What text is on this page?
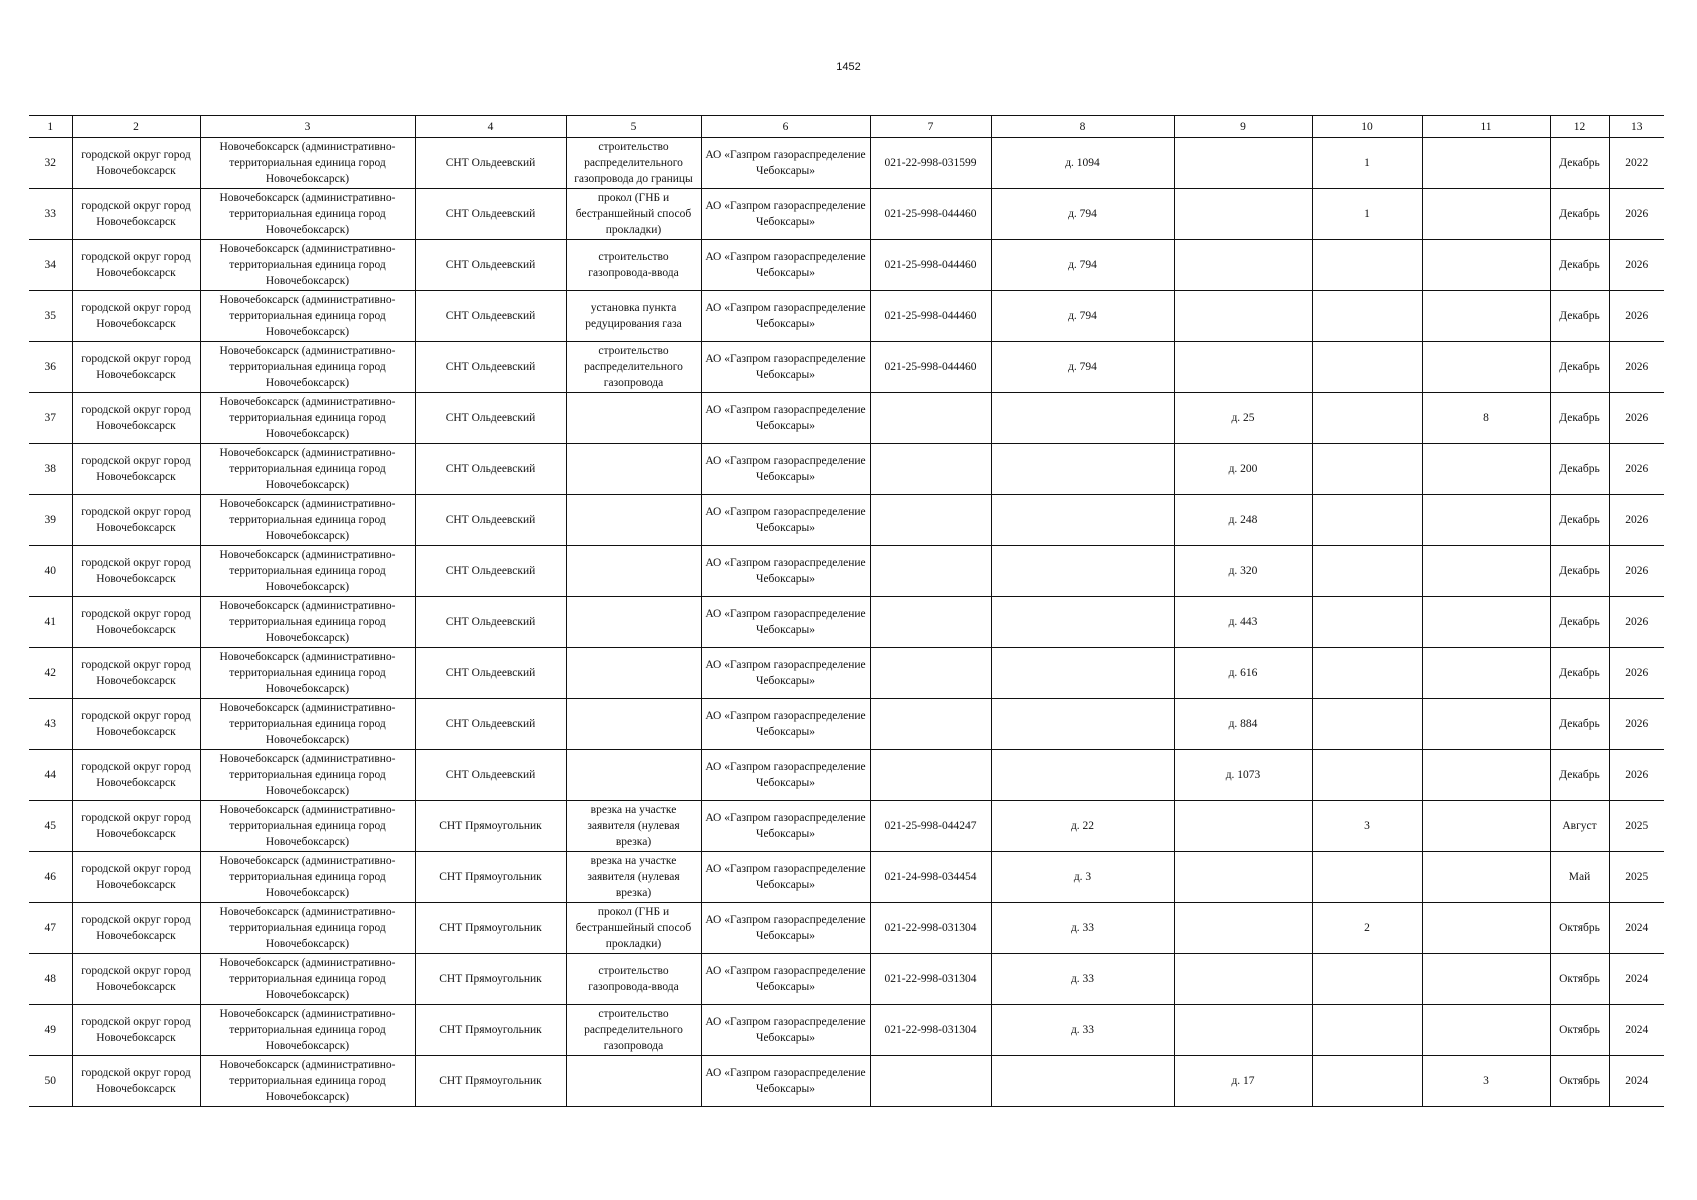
1452
1	2	3	4	5	6	7	8	9	10	11	12	13
32	городской округ город Новочебоксарск	Новочебоксарск (административно-территориальная единица город Новочебоксарск)	СНТ Ольдеевский	строительство распределительного газопровода до границы	АО «Газпром газораспределение Чебоксары»	021-22-998-031599	д. 1094		1		Декабрь	2022
33	городской округ город Новочебоксарск	Новочебоксарск (административно-территориальная единица город Новочебоксарск)	СНТ Ольдеевский	прокол (ГНБ и бестраншейный способ прокладки)	АО «Газпром газораспределение Чебоксары»	021-25-998-044460	д. 794		1		Декабрь	2026
34	городской округ город Новочебоксарск	Новочебоксарск (административно-территориальная единица город Новочебоксарск)	СНТ Ольдеевский	строительство газопровода-ввода	АО «Газпром газораспределение Чебоксары»	021-25-998-044460	д. 794				Декабрь	2026
35	городской округ город Новочебоксарск	Новочебоксарск (административно-территориальная единица город Новочебоксарск)	СНТ Ольдеевский	установка пункта редуцирования газа	АО «Газпром газораспределение Чебоксары»	021-25-998-044460	д. 794				Декабрь	2026
36	городской округ город Новочебоксарск	Новочебоксарск (административно-территориальная единица город Новочебоксарск)	СНТ Ольдеевский	строительство распределительного газопровода	АО «Газпром газораспределение Чебоксары»	021-25-998-044460	д. 794				Декабрь	2026
37	городской округ город Новочебоксарск	Новочебоксарск (административно-территориальная единица город Новочебоксарск)	СНТ Ольдеевский		АО «Газпром газораспределение Чебоксары»			д. 25		8	Декабрь	2026
38	городской округ город Новочебоксарск	Новочебоксарск (административно-территориальная единица город Новочебоксарск)	СНТ Ольдеевский		АО «Газпром газораспределение Чебоксары»			д. 200			Декабрь	2026
39	городской округ город Новочебоксарск	Новочебоксарск (административно-территориальная единица город Новочебоксарск)	СНТ Ольдеевский		АО «Газпром газораспределение Чебоксары»			д. 248			Декабрь	2026
40	городской округ город Новочебоксарск	Новочебоксарск (административно-территориальная единица город Новочебоксарск)	СНТ Ольдеевский		АО «Газпром газораспределение Чебоксары»			д. 320			Декабрь	2026
41	городской округ город Новочебоксарск	Новочебоксарск (административно-территориальная единица город Новочебоксарск)	СНТ Ольдеевский		АО «Газпром газораспределение Чебоксары»			д. 443			Декабрь	2026
42	городской округ город Новочебоксарск	Новочебоксарск (административно-территориальная единица город Новочебоксарск)	СНТ Ольдеевский		АО «Газпром газораспределение Чебоксары»			д. 616			Декабрь	2026
43	городской округ город Новочебоксарск	Новочебоксарск (административно-территориальная единица город Новочебоксарск)	СНТ Ольдеевский		АО «Газпром газораспределение Чебоксары»			д. 884			Декабрь	2026
44	городской округ город Новочебоксарск	Новочебоксарск (административно-территориальная единица город Новочебоксарск)	СНТ Ольдеевский		АО «Газпром газораспределение Чебоксары»			д. 1073			Декабрь	2026
45	городской округ город Новочебоксарск	Новочебоксарск (административно-территориальная единица город Новочебоксарск)	СНТ Прямоугольник	врезка на участке заявителя (нулевая врезка)	АО «Газпром газораспределение Чебоксары»	021-25-998-044247	д. 22		3		Август	2025
46	городской округ город Новочебоксарск	Новочебоксарск (административно-территориальная единица город Новочебоксарск)	СНТ Прямоугольник	врезка на участке заявителя (нулевая врезка)	АО «Газпром газораспределение Чебоксары»	021-24-998-034454	д. 3				Май	2025
47	городской округ город Новочебоксарск	Новочебоксарск (административно-территориальная единица город Новочебоксарск)	СНТ Прямоугольник	прокол (ГНБ и бестраншейный способ прокладки)	АО «Газпром газораспределение Чебоксары»	021-22-998-031304	д. 33		2		Октябрь	2024
48	городской округ город Новочебоксарск	Новочебоксарск (административно-территориальная единица город Новочебоксарск)	СНТ Прямоугольник	строительство газопровода-ввода	АО «Газпром газораспределение Чебоксары»	021-22-998-031304	д. 33				Октябрь	2024
49	городской округ город Новочебоксарск	Новочебоксарск (административно-территориальная единица город Новочебоксарск)	СНТ Прямоугольник	строительство распределительного газопровода	АО «Газпром газораспределение Чебоксары»	021-22-998-031304	д. 33				Октябрь	2024
50	городской округ город Новочебоксарск	Новочебоксарск (административно-территориальная единица город Новочебоксарск)	СНТ Прямоугольник		АО «Газпром газораспределение Чебоксары»			д. 17		3	Октябрь	2024
